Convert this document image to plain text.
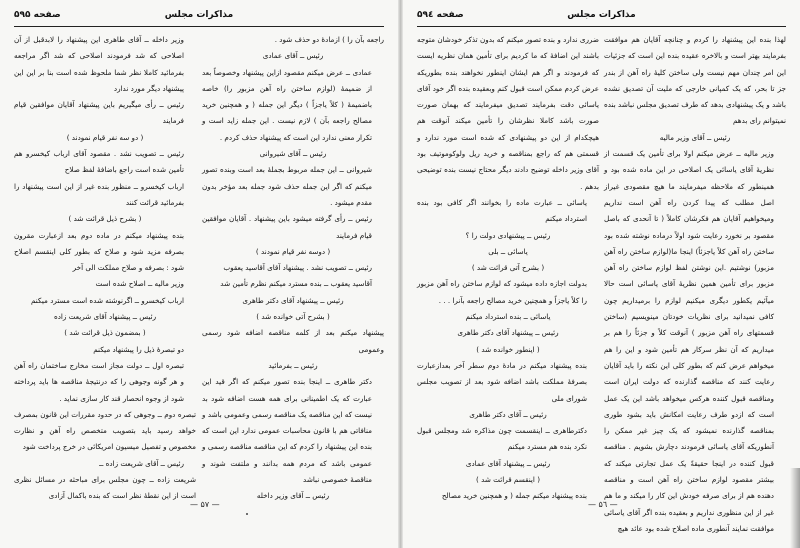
صفحه ۵۹۵	مذاکرات مجلس

راجعه بآن را ) ازمادهٔ دو حذف شود .

رئیس ــ آقای عمادی

عمادی ــ عرض میکنم مقصود ازاین پیشنهاد وخصوصاً بعد از ضمیمهٔ (لوازم ساختن راه آهن مزبور را) خاصه باضمیمهٔ ( کلاً یاجزاً ) دیگر این جمله ( و همچنین خرید مصالح راجعه بآن ) لازم نیست . این جمله زاید است و تکرار معنی ندارد این است که پیشنهاد حذف کردم .

رئیس ــ آقای شیروانی

شیروانی ــ این جمله مربوط بجملهٔ بعد است وبنده تصور میکنم که اگر این جمله حذف شود جمله بعد مؤخر بدون مقدم میشود .

رئیس ــ رأی گرفته میشود باین پیشنهاد . آقایان موافقین قیام فرمایند

( دوسه نفر قیام نمودند )

رئیس ــ تصویب نشد . پیشنهاد آقای آقاسید یعقوب

آقاسید یعقوب ــ بنده مسترد میکنم نظرم تأمین شد

رئیس ــ پیشنهاد آقای دکتر طاهری

( بشرح آتی خوانده شد )

پیشنهاد میکنم بعد از کلمه مناقصه اضافه شود رسمی وعمومی

رئیس ــ بفرمائید

دکتر طاهری ــ اینجا بنده تصور میکنم که اگر قید این عبارت که یک اطمینانی برای همه هست اضافه شود بد نیست که این مناقصه یک مناقصه رسمی وعمومی باشد و منافاتی هم با قانون محاسبات عمومی ندارد این است که بنده این پیشنهاد را کردم که این مناقصه مناقصه رسمی و عمومی باشد که مردم همه بدانند و ملتفت شوند و مناقصهٔ خصوصی نباشد

رئیس ــ آقای وزیر داخله

وزیر داخله ــ آقای طاهری این پیشنهاد را لابدقبل از آن اصلاحی که شد فرمودند اصلاحی که شد اگر مراجعه بفرمائید کاملا نظر شما ملحوظ شده است بنا بر این این پیشنهاد دیگر مورد ندارد

رئیس ــ رأی میگیریم باین پیشنهاد آقایان موافقین قیام فرمایند

( دو سه نفر قیام نمودند )

رئیس ــ تصویب نشد . مقصود آقای ارباب کیخسرو هم تأمین شده است راجع باضافهٔ لفظ صلاح

ارباب کیخسرو ــ منظور بنده غیر از این است پیشنهاد را بفرمائید قرائت کنند

( بشرح ذیل قرائت شد )

بنده پیشنهاد میکنم در ماده دوم بعد ازعبارت مقرون بصرفه مزید شود و صلاح که بطور کلی اینقسم اصلاح شود : بصرفه و صلاح مملکت الی آخر

وزیر مالیه ــ اصلاح شده است

ارباب کیخسرو ــ اگرنوشته شده است مسترد میکنم

رئیس ــ پیشنهاد آقای شریعت زاده

( بمضمون ذیل قرائت شد )

دو تبصرهٔ ذیل را پیشنهاد میکنم

تبصره اول ــ دولت مجاز است مخارج ساختمان راه آهن و هر گونه وجوهی را که درنتیجهٔ مناقصه ها باید پرداخته شود از وجوه انحصار قند کار سازی نماید .

تبصره دوم ــ وجوهی که در حدود مقررات این قانون بمصرف خواهد رسید باید بتصویب متخصص راه آهن و نظارت مخصوص و تفصیل میسیون امریکائی در خرج پرداخت شود

رئیس ــ آقای شریعت زاده ــ

شریعت زاده ــ چون مجلس برای مباحثه در مسائل نظری است از این نقطهٔ نظر است که بنده باکمال آزادی

— ۵۷ —
صفحه ۵۹٤	مذاکرات مجلس

لهذا بنده این پیشنهاد را کردم و چنانچه آقایان هم موافقت بفرمایند بهتر است و بالاخره عقیده بنده این است که جزئیات این امر چندان مهم نیست ولی ساختن کلیهٔ راه آهن از بندر جز تا بحر، که یک کمپانی خارجی که ملیت آن تصدیق نشده باشد و یک پیشنهادی بدهد که طرف تصدیق مجلس نباشد بنده نمیتوانم رای بدهم

رئیس ــ آقای وزیر مالیه

وزیر مالیه ــ عرض میکنم اولا برای تأمین یک قسمت از نظریهٔ آقای یاسائی یک اصلاحی در این ماده شده بود و همینطور که ملاحظه میفرمایند ما هیچ مقصودی غیراز اصل مطلب که پیدا کردن راه آهن است نداریم ومیخواهیم آقایان هم فکرشان کاملاً ( تا آنحدی که باصل مقصود بر نخورد رعایت شود اولاً درماده نوشته شده بود ساختن راه آهن کلاً یاجزئاً) اینجا ما(لوازم ساختن راه آهن مزبور) نوشتیم .این نوشتن لفظ لوازم ساختن راه آهن مزبور برای تأمین همین نظریهٔ آقای یاسائی است حالا میآئیم یکطور دیگری میکنیم لوازم را برمیداریم چون کافی نمیدانید برای نظریات خودتان مینویسیم (ساختن قسمتهای راه آهن مزبور ) آنوقت کلاً و جزئاً را هم بر میداریم که آن نظر سرکار هم تأمین شود و این را هم میخواهم عرض کنم که بطور کلی این نکته را باید آقایان رعایت کنند که مناقصه گذارنده که دولت ایران است ومناقصه قبول کننده هرکس میخواهد باشد این یک عمل است که ازدو طرف رعایت امکانش باید بشود طوری بمناقصه گذارنده نمیشود که یک چیز غیر ممکن را آنطوریکه آقای یاسائی فرمودند دچارش بشویم . مناقصه قبول کننده در اینجا حقیقةً یک عمل تجارتی میکند که بیشتر مقصود لوازم ساختن راه آهن است و مناقصه دهنده هم از برای صرفه خودش این کار را میکند و ما هم غیر از این منظوری نداریم و بعقیده بنده اگر آقای یاسائی موافقت نمایند آنطوری ماده اصلاح شده بود عائد هیچ

ضرری ندارد و بنده تصور میکنم که بدون تذکر خودشان متوجه باشند این اضافهٔ که ما کردیم برای تأمین همان نظریه ایست که فرمودند و اگر هم ایشان اینطور نخواهند بنده بطوریکه عرض کردم ممکن است قبول کنم وبعقیده بنده اگر خود آقای یاسائی دقت بفرمایند تصدیق میفرمایند که بهمان صورت صورت باشد کاملا نظرشان را تأمین میکند آنوقت هم هیچکدام از این دو پیشنهادی که شده است مورد ندارد و قسمتی هم که راجع بمناقصه و خرید ریل ولوکوموتیف بود آقای وزیر داخله توضیح دادند دیگر محتاج نیست بنده توضیحی بدهم .

یاسائی ــ عبارت ماده را بخوانند اگر کافی بود بنده استرداد میکنم

رئیس ــ پیشنهادی دولت را ؟

یاسائی ــ بلی

( بشرح آتی قرائت شد )

بدولت اجازه داده میشود که لوازم ساختن راه آهن مزبور را کلاً یاجزاً و همچنین خرید مصالح راجعه بآنرا . . .

یاسائی ــ بنده استرداد میکنم

رئیس ــ پیشنهاد آقای دکتر طاهری

( اینطور خوانده شد )

بنده پیشنهاد میکنم در مادهٔ دوم سطر آخر بعدازعبارت بصرفهٔ مملکت باشد اضافه شود بعد از تصویب مجلس شورای ملی

رئیس ــ آقای دکتر طاهری

دکترطاهری ــ اینقسمت چون مذاکره شد ومجلس قبول نکرد بنده هم مسترد میکنم

رئیس ــ پیشنهاد آقای عمادی

( اینقسم قرائت شد )

بنده پیشنهاد میکنم جمله ( و همچنین خرید مصالح

— ۵٦ —
